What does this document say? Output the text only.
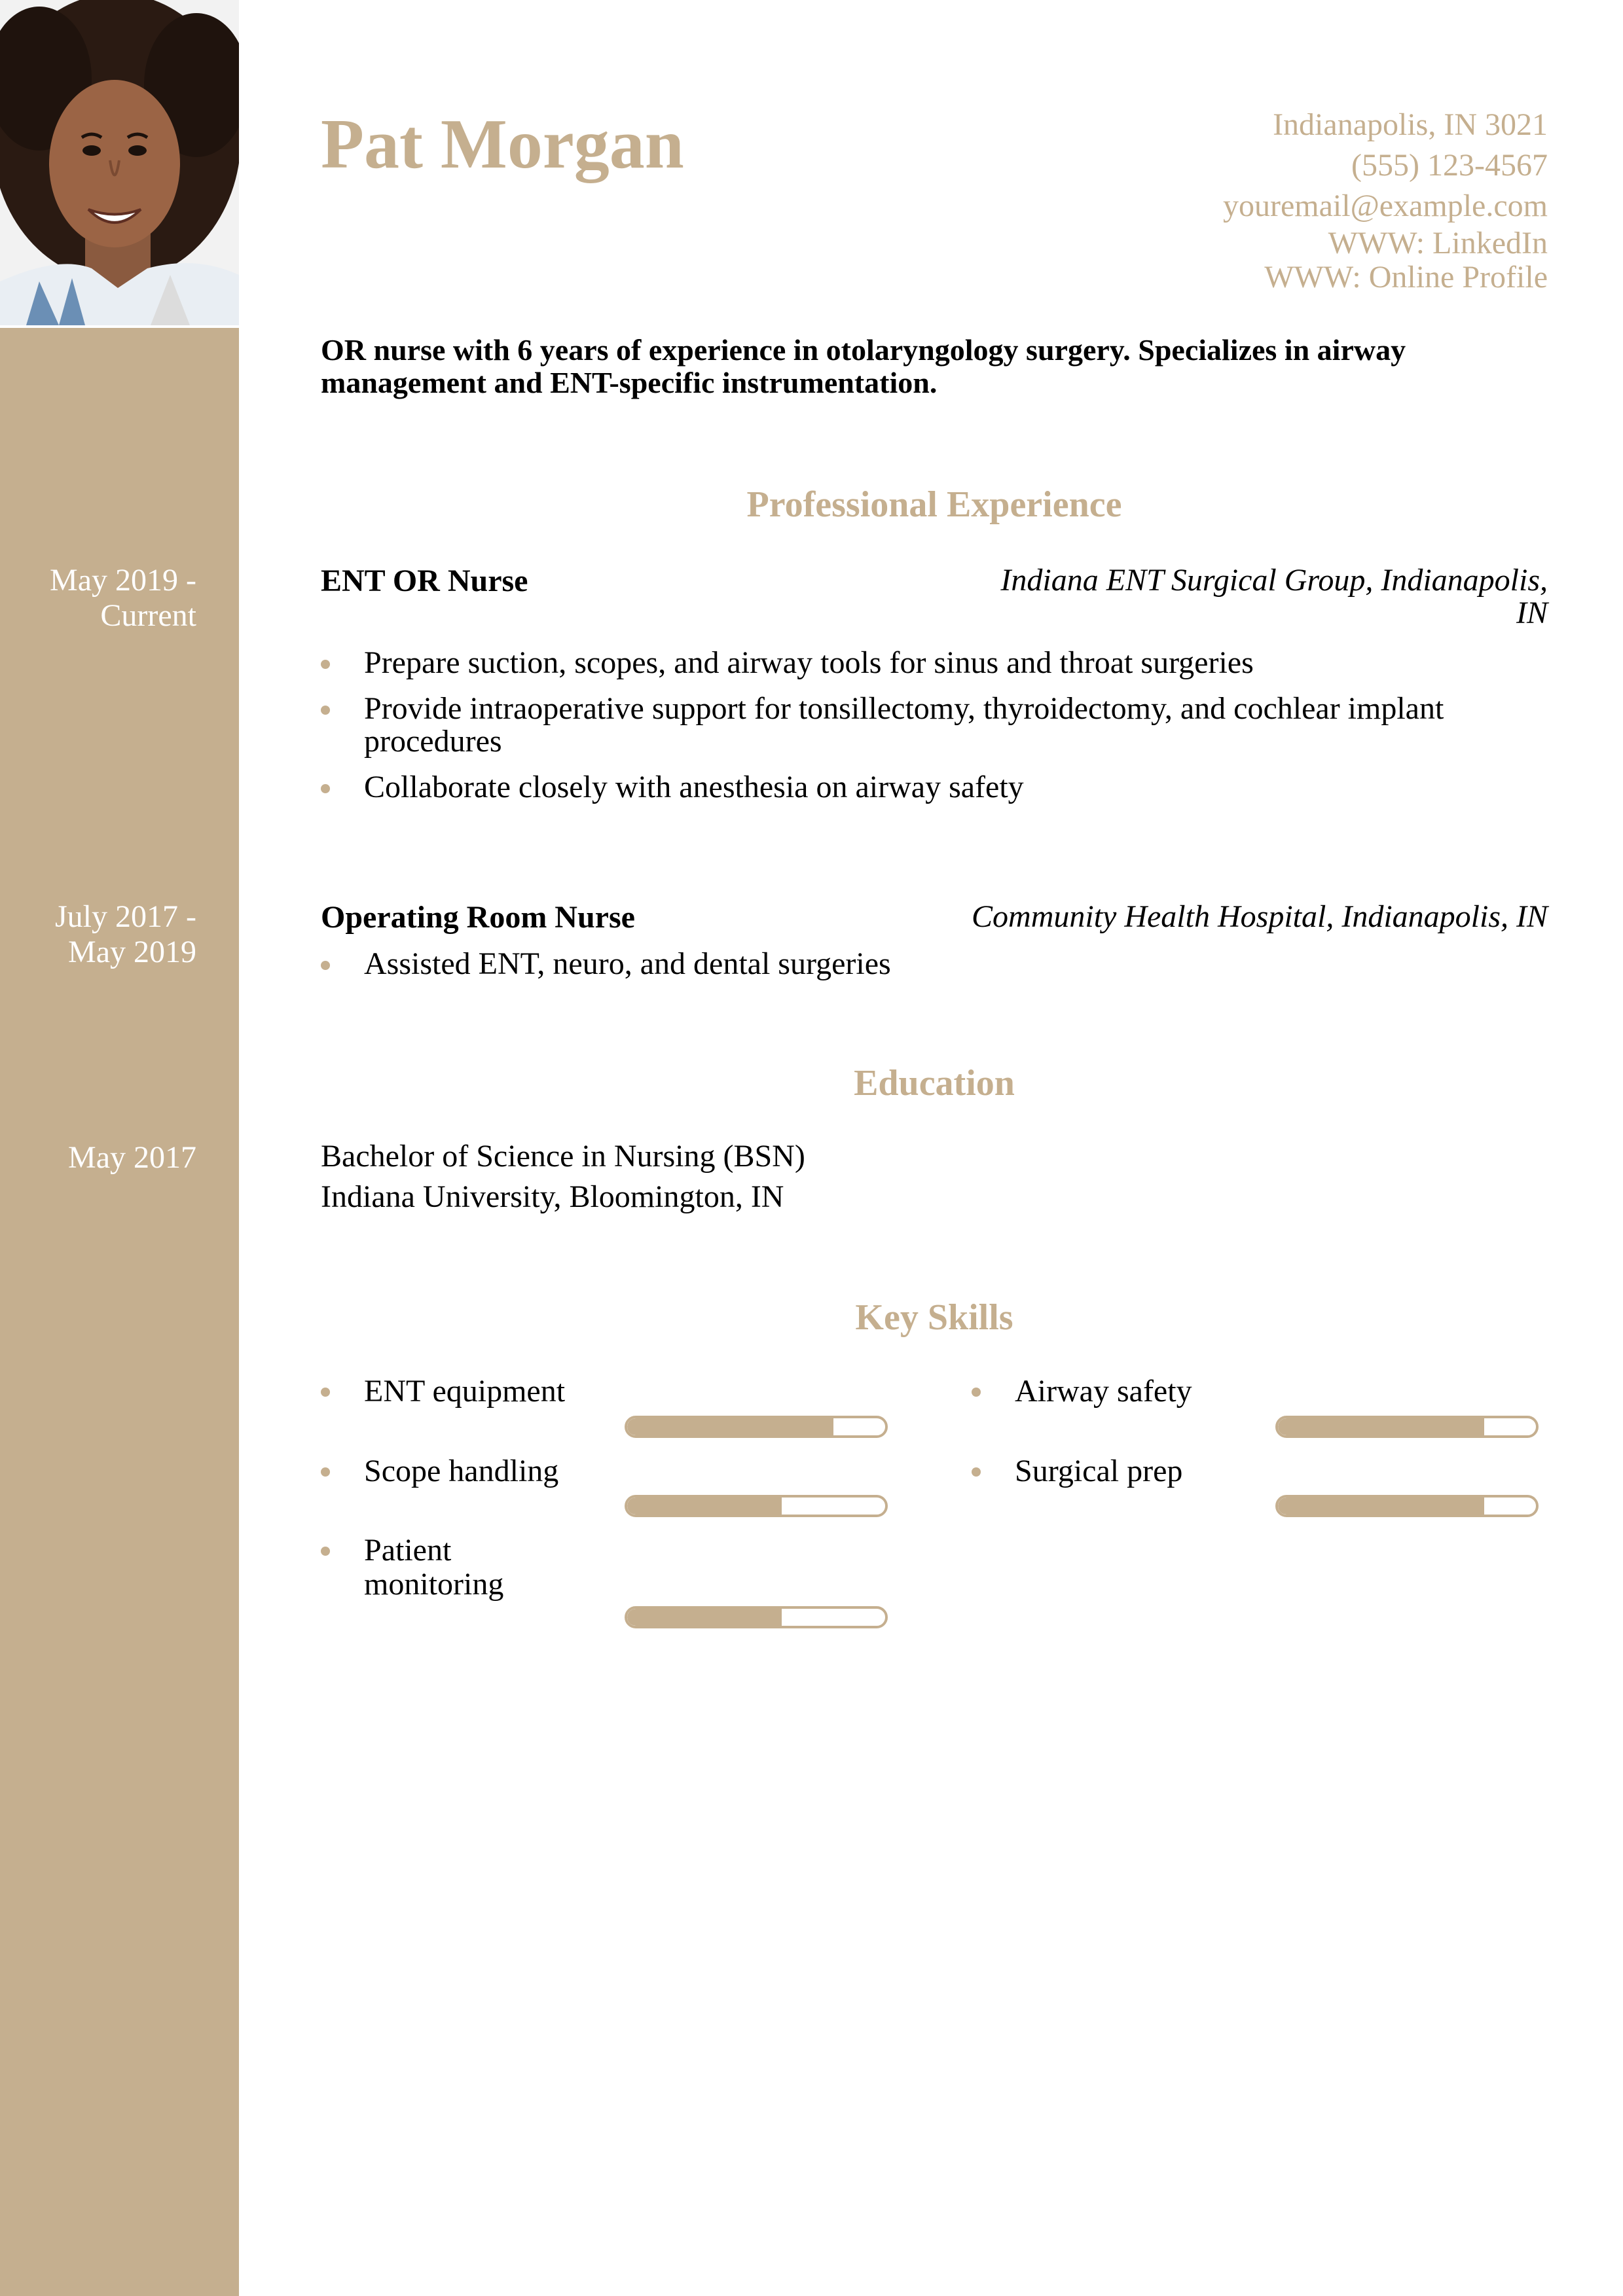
Pat Morgan	Indianapolis, IN 3021
(555) 123-4567
youremail@example.com
WWW: LinkedIn
WWW: Online Profile
OR nurse with 6 years of experience in otolaryngology surgery. Specializes in airway management and ENT-specific instrumentation.
Professional Experience
May 2019 -
Current
ENT OR Nurse	Indiana ENT Surgical Group, Indianapolis,
IN
Prepare suction, scopes, and airway tools for sinus and throat surgeries
Provide intraoperative support for tonsillectomy, thyroidectomy, and cochlear implant procedures
Collaborate closely with anesthesia on airway safety
July 2017 -
May 2019
Operating Room Nurse	Community Health Hospital, Indianapolis, IN
Assisted ENT, neuro, and dental surgeries
Education
May 2017	Bachelor of Science in Nursing (BSN)
Indiana University, Bloomington, IN
Key Skills
ENT equipment	Airway safety
Scope handling	Surgical prep
Patient monitoring
